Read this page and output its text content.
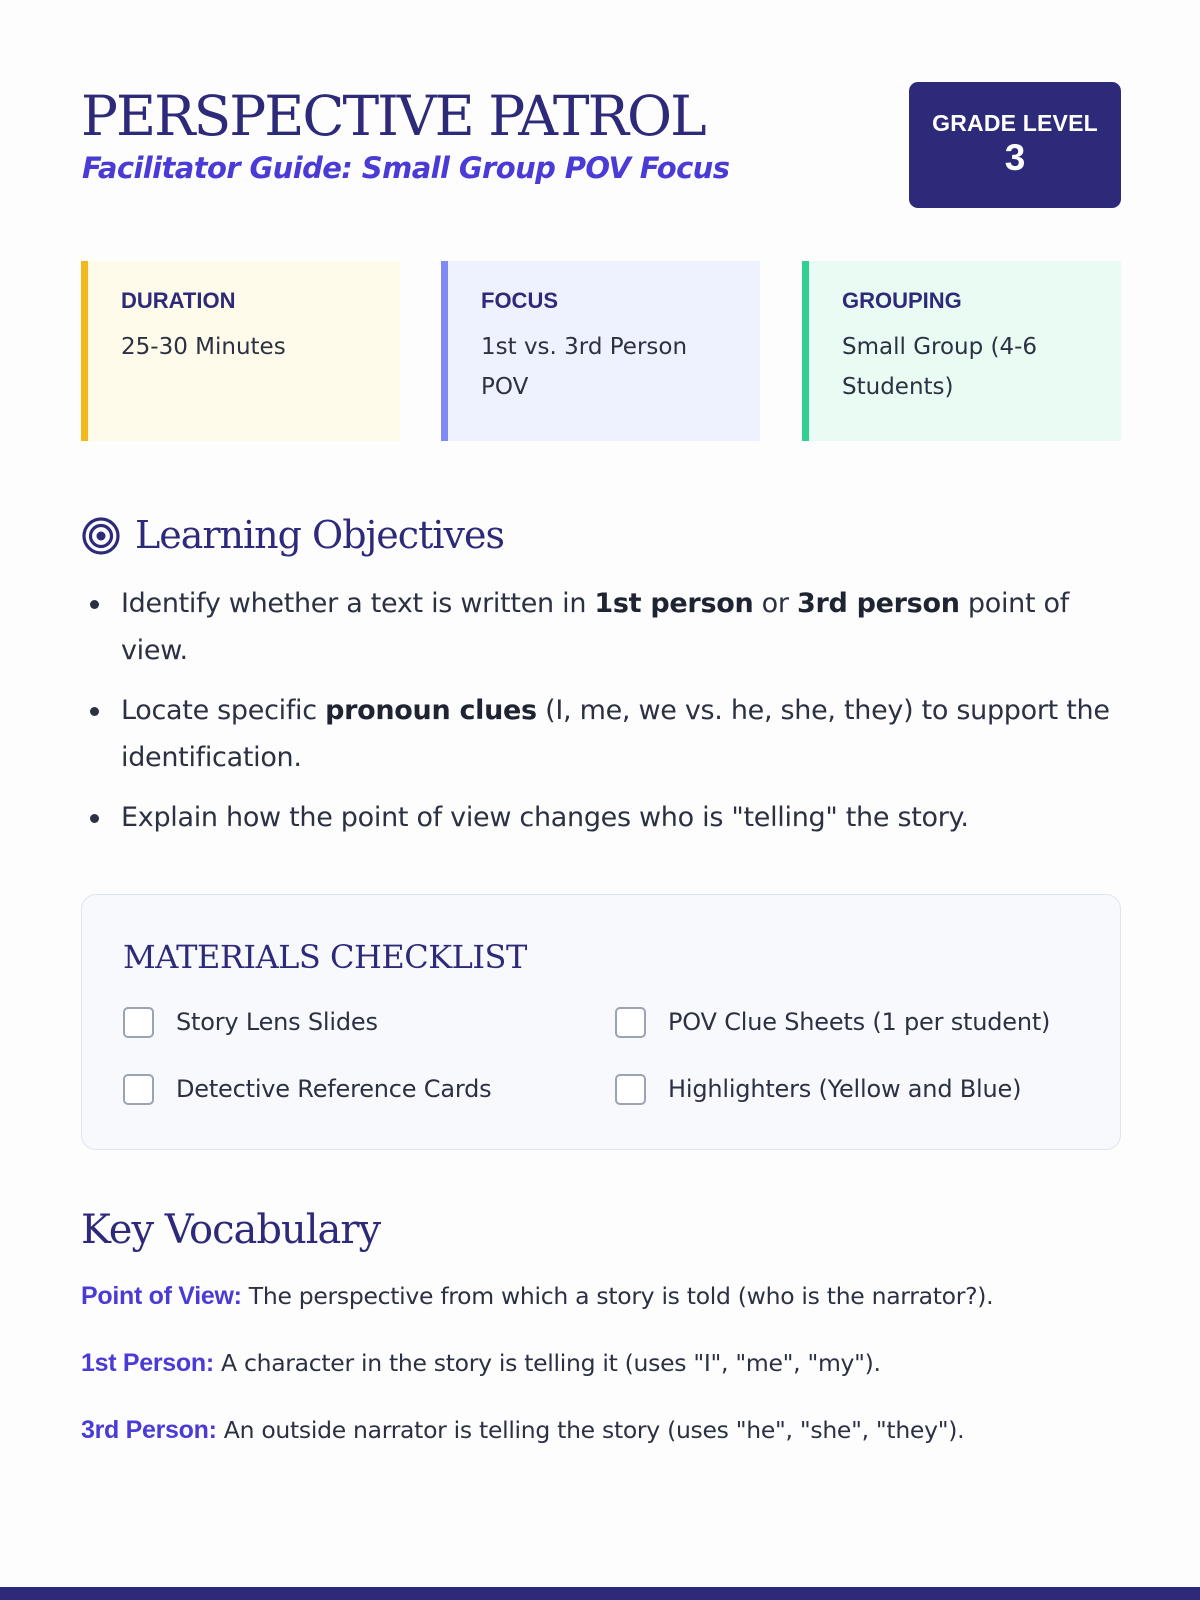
PERSPECTIVE PATROL

Facilitator Guide: Small Group POV Focus

GRADE LEVEL
3
DURATION
25-30 Minutes
FOCUS
1st vs. 3rd Person POV
GROUPING
Small Group (4-6 Students)
Learning Objectives
Identify whether a text is written in 1st person or 3rd person point of view.
Locate specific pronoun clues (I, me, we vs. he, she, they) to support the identification.
Explain how the point of view changes who is "telling" the story.
MATERIALS CHECKLIST
Story Lens Slides	POV Clue Sheets (1 per student)
Detective Reference Cards	Highlighters (Yellow and Blue)
Key Vocabulary

Point of View: The perspective from which a story is told (who is the narrator?).

1st Person: A character in the story is telling it (uses "I", "me", "my").

3rd Person: An outside narrator is telling the story (uses "he", "she", "they").
